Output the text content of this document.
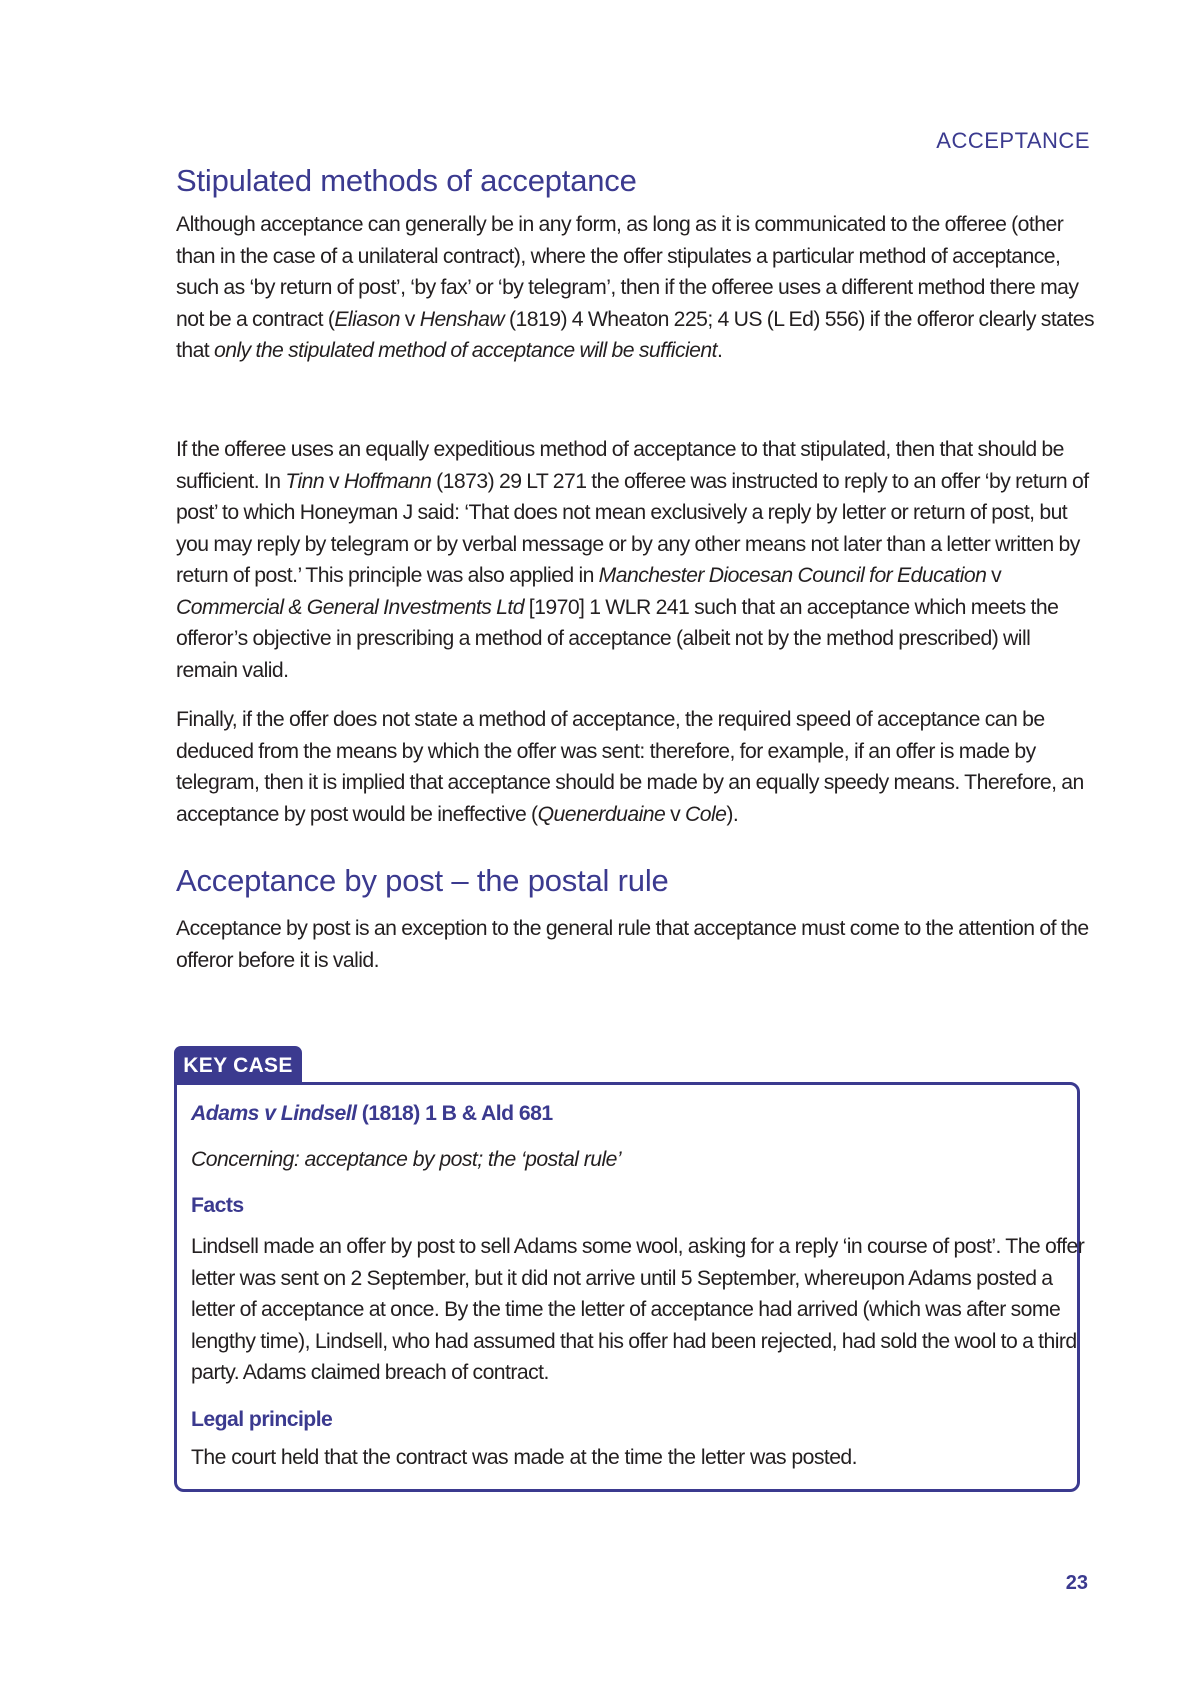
ACCEPTANCE
Stipulated methods of acceptance

Although acceptance can generally be in any form, as long as it is communicated to the offeree (other than in the case of a unilateral contract), where the offer stipulates a particular method of acceptance, such as ‘by return of post’, ‘by fax’ or ‘by telegram’, then if the offeree uses a different method there may not be a contract (Eliason v Henshaw (1819) 4 Wheaton 225; 4 US (L Ed) 556) if the offeror clearly states that only the stipulated method of acceptance will be sufficient.

If the offeree uses an equally expeditious method of acceptance to that stipulated, then that should be sufficient. In Tinn v Hoffmann (1873) 29 LT 271 the offeree was instructed to reply to an offer ‘by return of post’ to which Honeyman J said: ‘That does not mean exclusively a reply by letter or return of post, but you may reply by telegram or by verbal message or by any other means not later than a letter written by return of post.’ This principle was also applied in Manchester Diocesan Council for Education v Commercial & General Investments Ltd [1970] 1 WLR 241 such that an acceptance which meets the offeror’s objective in prescribing a method of acceptance (albeit not by the method prescribed) will remain valid.

Finally, if the offer does not state a method of acceptance, the required speed of acceptance can be deduced from the means by which the offer was sent: therefore, for example, if an offer is made by telegram, then it is implied that acceptance should be made by an equally speedy means. Therefore, an acceptance by post would be ineffective (Quenerduaine v Cole).

Acceptance by post – the postal rule

Acceptance by post is an exception to the general rule that acceptance must come to the attention of the offeror before it is valid.

KEY CASE

Adams v Lindsell (1818) 1 B & Ald 681

Concerning: acceptance by post; the ‘postal rule’

Facts

Lindsell made an offer by post to sell Adams some wool, asking for a reply ‘in course of post’. The offer letter was sent on 2 September, but it did not arrive until 5 September, whereupon Adams posted a letter of acceptance at once. By the time the letter of acceptance had arrived (which was after some lengthy time), Lindsell, who had assumed that his offer had been rejected, had sold the wool to a third party. Adams claimed breach of contract.

Legal principle

The court held that the contract was made at the time the letter was posted.

23
